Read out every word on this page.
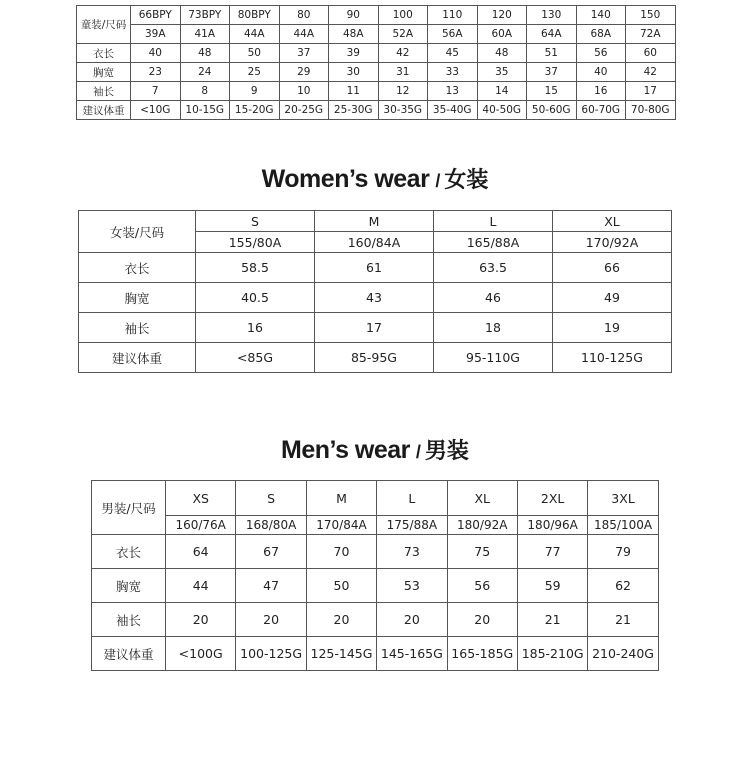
童装/尺码	66BPY	73BPY	80BPY	80	90	100	110	120	130	140	150
	39A	41A	44A	44A	48A	52A	56A	60A	64A	68A	72A
衣长	40	48	50	37	39	42	45	48	51	56	60
胸宽	23	24	25	29	30	31	33	35	37	40	42
袖长	7	8	9	10	11	12	13	14	15	16	17
建议体重	<10G	10-15G	15-20G	20-25G	25-30G	30-35G	35-40G	40-50G	50-60G	60-70G	70-80G
Women’s wear / 女装
女装/尺码	S	M	L	XL
	155/80A	160/84A	165/88A	170/92A
衣长	58.5	61	63.5	66
胸宽	40.5	43	46	49
袖长	16	17	18	19
建议体重	<85G	85-95G	95-110G	110-125G
Men’s wear / 男装
男装/尺码	XS	S	M	L	XL	2XL	3XL
	160/76A	168/80A	170/84A	175/88A	180/92A	180/96A	185/100A
衣长	64	67	70	73	75	77	79
胸宽	44	47	50	53	56	59	62
袖长	20	20	20	20	20	21	21
建议体重	<100G	100-125G	125-145G	145-165G	165-185G	185-210G	210-240G
